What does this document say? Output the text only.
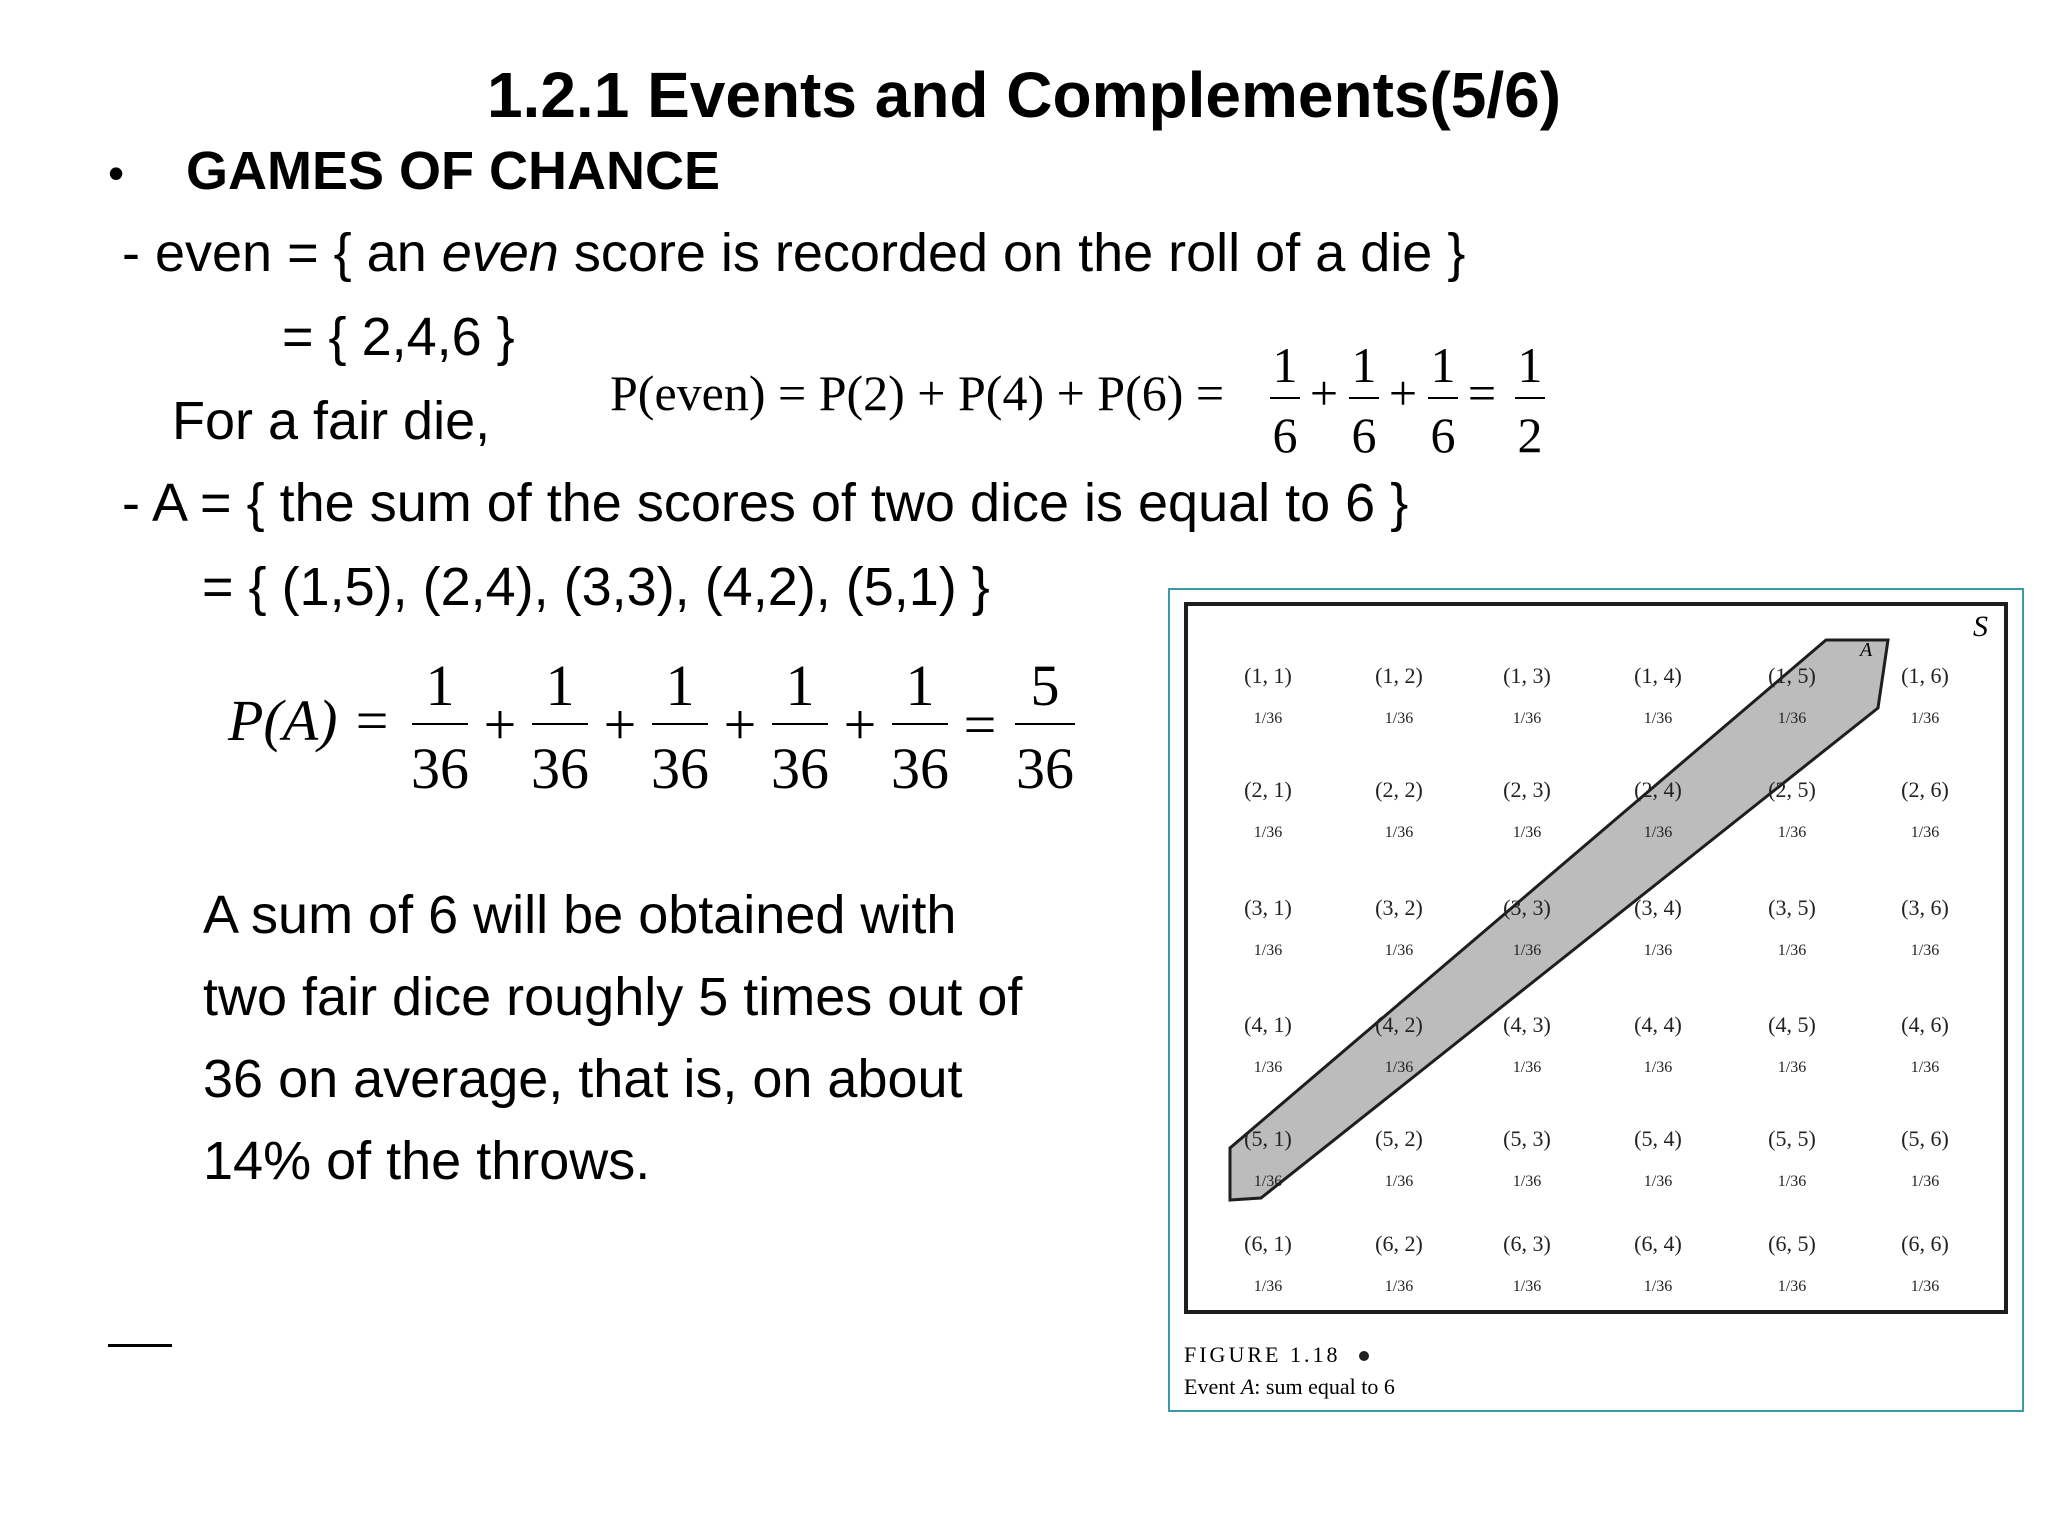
1.2.1 Events and Complements(5/6)
• GAMES OF CHANCE
- even = { an even score is recorded on the roll of a die }
= { 2,4,6 }
For a fair die, P(even) = P(2) + P(4) + P(6) = 1
6
+ 1
6
+ 1
6
= 1
2
- A = { the sum of the scores of two dice is equal to 6 }
= { (1,5), (2,4), (3,3), (4,2), (5,1) }
P(A) =
1
36
+
1
36
+
1
36
+
1
36
+
1
36
=
5
36
A sum of 6 will be obtained with
two fair dice roughly 5 times out of
36 on average, that is, on about
14% of the throws.
S
A
(1, 1)
1/36
(1, 2)
1/36
(1, 3)
1/36
(1, 4)
1/36
(1, 5)
1/36
(1, 6)
1/36
(2, 1)
1/36
(2, 2)
1/36
(2, 3)
1/36
(2, 4)
1/36
(2, 5)
1/36
(2, 6)
1/36
(3, 1)
1/36
(3, 2)
1/36
(3, 3)
1/36
(3, 4)
1/36
(3, 5)
1/36
(3, 6)
1/36
(4, 1)
1/36
(4, 2)
1/36
(4, 3)
1/36
(4, 4)
1/36
(4, 5)
1/36
(4, 6)
1/36
(5, 1)
1/36
(5, 2)
1/36
(5, 3)
1/36
(5, 4)
1/36
(5, 5)
1/36
(5, 6)
1/36
(6, 1)
1/36
(6, 2)
1/36
(6, 3)
1/36
(6, 4)
1/36
(6, 5)
1/36
(6, 6)
1/36
FIGURE 1.18
Event A: sum equal to 6
